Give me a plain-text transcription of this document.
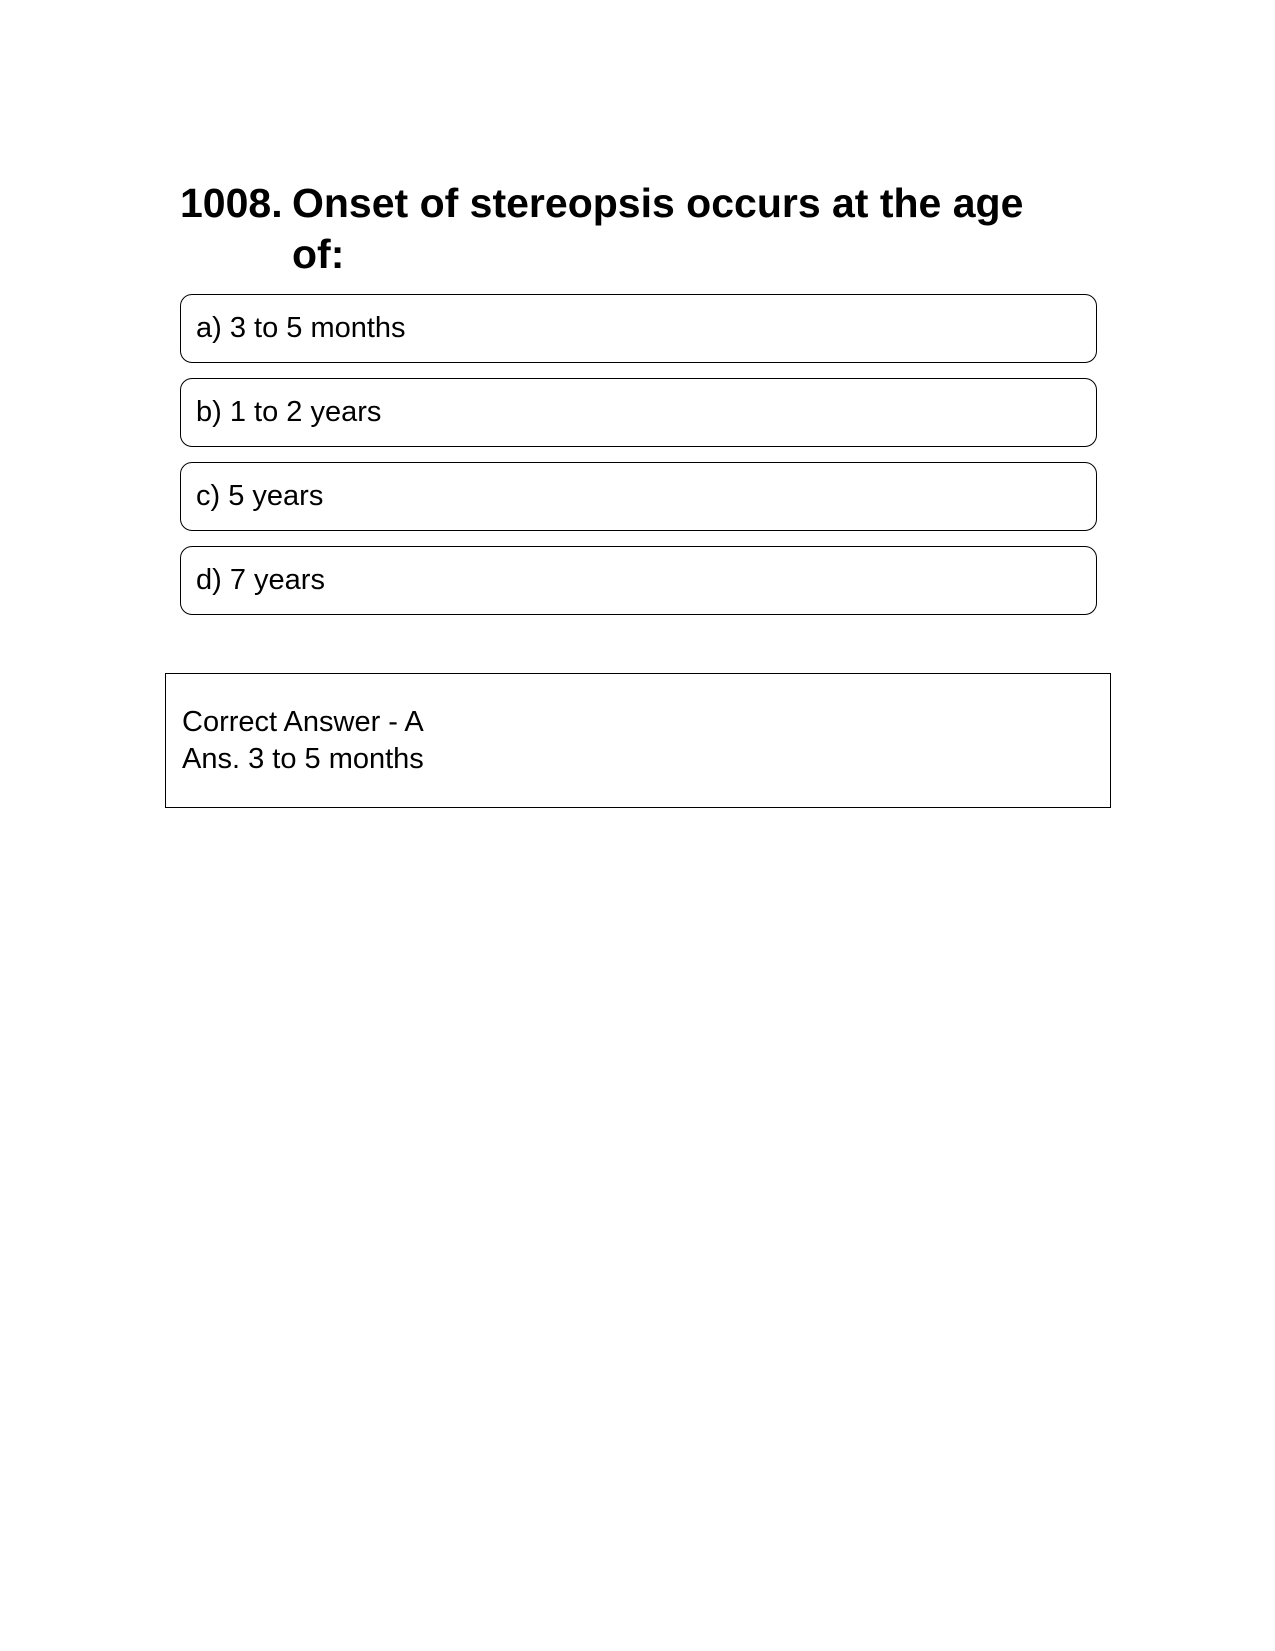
1008. Onset of stereopsis occurs at the age of:
a) 3 to 5 months
b) 1 to 2 years
c) 5 years
d) 7 years
Correct Answer - A
Ans. 3 to 5 months
